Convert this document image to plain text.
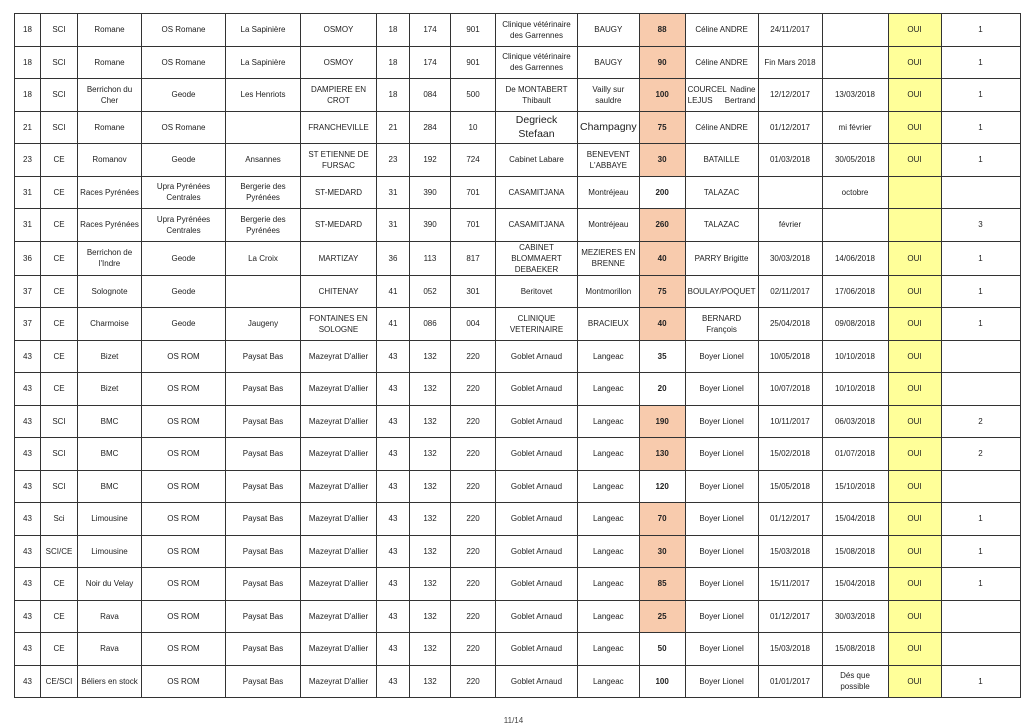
18	SCI	Romane	OS Romane	La Sapinière	OSMOY	18	174	901	Clinique vétérinaire des Garrennes	BAUGY	88	Céline ANDRE	24/11/2017		OUI	1
18	SCI	Romane	OS Romane	La Sapinière	OSMOY	18	174	901	Clinique vétérinaire des Garrennes	BAUGY	90	Céline ANDRE	Fin Mars 2018		OUI	1
18	SCI	Berrichon du Cher	Geode	Les Henriots	DAMPIERE EN CROT	18	084	500	De MONTABERT Thibault	Vailly sur sauldre	100	COURCEL Nadine LEJUS Bertrand	12/12/2017	13/03/2018	OUI	1
21	SCI	Romane	OS Romane		FRANCHEVILLE	21	284	10	Degrieck Stefaan	Champagny	75	Céline ANDRE	01/12/2017	mi février	OUI	1
23	CE	Romanov	Geode	Ansannes	ST ETIENNE DE FURSAC	23	192	724	Cabinet Labare	BENEVENT L'ABBAYE	30	BATAILLE	01/03/2018	30/05/2018	OUI	1
31	CE	Races Pyrénées	Upra Pyrénées Centrales	Bergerie des Pyrénées	ST-MEDARD	31	390	701	CASAMITJANA	Montréjeau	200	TALAZAC		octobre		
31	CE	Races Pyrénées	Upra Pyrénées Centrales	Bergerie des Pyrénées	ST-MEDARD	31	390	701	CASAMITJANA	Montréjeau	260	TALAZAC	février			3
36	CE	Berrichon de l'Indre	Geode	La Croix	MARTIZAY	36	113	817	CABINET BLOMMAERT DEBAEKER	MEZIERES EN BRENNE	40	PARRY Brigitte	30/03/2018	14/06/2018	OUI	1
37	CE	Solognote	Geode		CHITENAY	41	052	301	Beritovet	Montmorillon	75	BOULAY/POQUET	02/11/2017	17/06/2018	OUI	1
37	CE	Charmoise	Geode	Jaugeny	FONTAINES EN SOLOGNE	41	086	004	CLINIQUE VETERINAIRE	BRACIEUX	40	BERNARD François	25/04/2018	09/08/2018	OUI	1
43	CE	Bizet	OS ROM	Paysat Bas	Mazeyrat D'allier	43	132	220	Goblet Arnaud	Langeac	35	Boyer Lionel	10/05/2018	10/10/2018	OUI	
43	CE	Bizet	OS ROM	Paysat Bas	Mazeyrat D'allier	43	132	220	Goblet Arnaud	Langeac	20	Boyer Lionel	10/07/2018	10/10/2018	OUI	
43	SCI	BMC	OS ROM	Paysat Bas	Mazeyrat D'allier	43	132	220	Goblet Arnaud	Langeac	190	Boyer Lionel	10/11/2017	06/03/2018	OUI	2
43	SCI	BMC	OS ROM	Paysat Bas	Mazeyrat D'allier	43	132	220	Goblet Arnaud	Langeac	130	Boyer Lionel	15/02/2018	01/07/2018	OUI	2
43	SCI	BMC	OS ROM	Paysat Bas	Mazeyrat D'allier	43	132	220	Goblet Arnaud	Langeac	120	Boyer Lionel	15/05/2018	15/10/2018	OUI	
43	Sci	Limousine	OS ROM	Paysat Bas	Mazeyrat D'allier	43	132	220	Goblet Arnaud	Langeac	70	Boyer Lionel	01/12/2017	15/04/2018	OUI	1
43	SCI/CE	Limousine	OS ROM	Paysat Bas	Mazeyrat D'allier	43	132	220	Goblet Arnaud	Langeac	30	Boyer Lionel	15/03/2018	15/08/2018	OUI	1
43	CE	Noir du Velay	OS ROM	Paysat Bas	Mazeyrat D'allier	43	132	220	Goblet Arnaud	Langeac	85	Boyer Lionel	15/11/2017	15/04/2018	OUI	1
43	CE	Rava	OS ROM	Paysat Bas	Mazeyrat D'allier	43	132	220	Goblet Arnaud	Langeac	25	Boyer Lionel	01/12/2017	30/03/2018	OUI	
43	CE	Rava	OS ROM	Paysat Bas	Mazeyrat D'allier	43	132	220	Goblet Arnaud	Langeac	50	Boyer Lionel	15/03/2018	15/08/2018	OUI	
43	CE/SCI	Béliers en stock	OS ROM	Paysat Bas	Mazeyrat D'allier	43	132	220	Goblet Arnaud	Langeac	100	Boyer Lionel	01/01/2017	Dés que possible	OUI	1
11/14
